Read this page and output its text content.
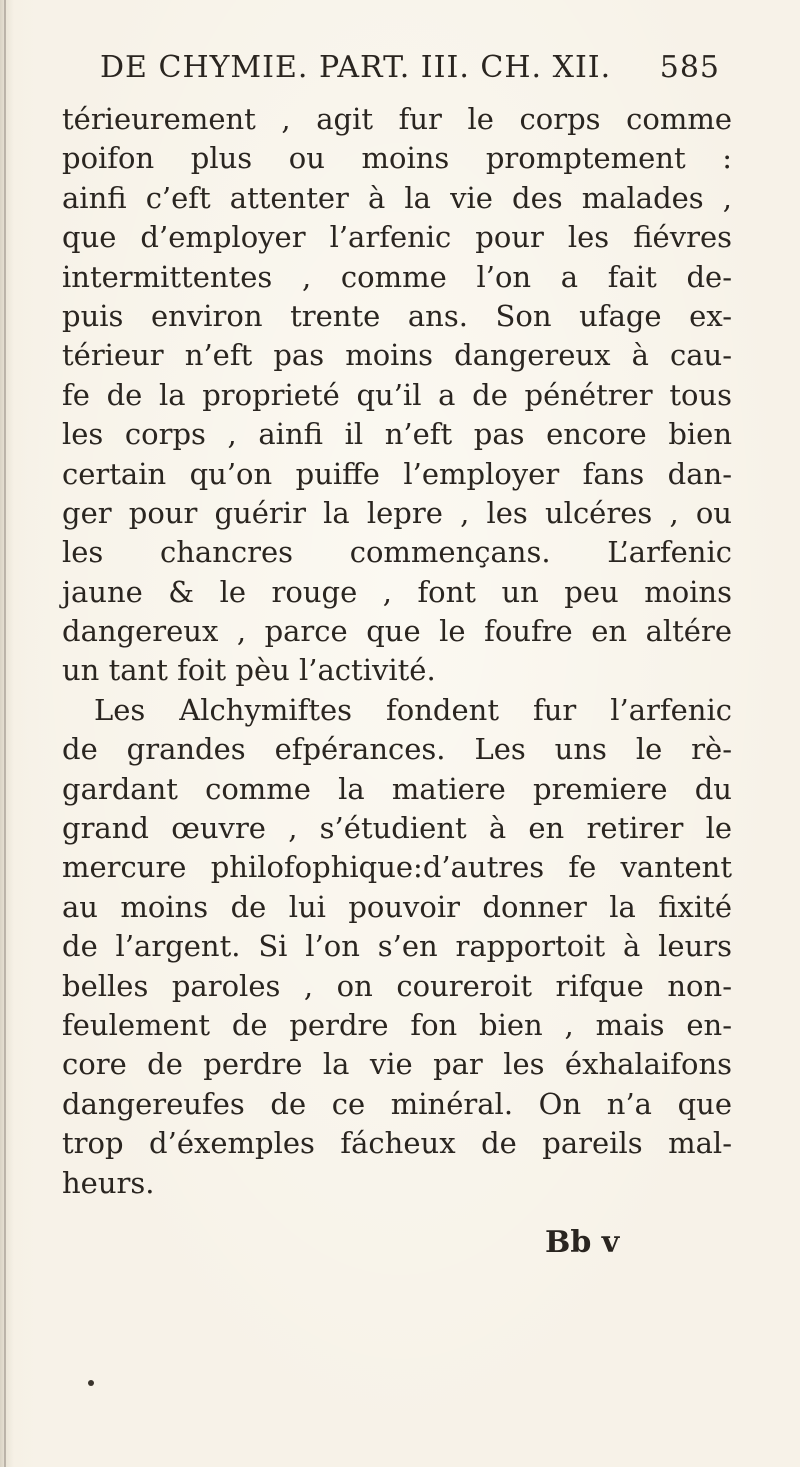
DE CHYMIE. PART. III. CH. XII. 585
térieurement , agit fur le corps comme
poifon plus ou moins promptement :
ainfi c’eft attenter à la vie des malades ,
que d’employer l’arfenic pour les fiévres
intermittentes , comme l’on a fait de-
puis environ trente ans. Son ufage ex-
térieur n’eft pas moins dangereux à cau-
fe de la proprieté qu’il a de pénétrer tous
les corps , ainfi il n’eft pas encore bien
certain qu’on puiffe l’employer fans dan-
ger pour guérir la lepre , les ulcéres , ou
les chancres commençans. L’arfenic
jaune & le rouge , font un peu moins
dangereux , parce que le foufre en altére
un tant foit pèu l’activité.
Les Alchymiftes fondent fur l’arfenic
de grandes efpérances. Les uns le rè-
gardant comme la matiere premiere du
grand œuvre , s’étudient à en retirer le
mercure philofophique:d’autres fe vantent
au moins de lui pouvoir donner la fixité
de l’argent. Si l’on s’en rapportoit à leurs
belles paroles , on coureroit rifque non-
feulement de perdre fon bien , mais en-
core de perdre la vie par les éxhalaifons
dangereufes de ce minéral. On n’a que
trop d’éxemples fácheux de pareils mal-
heurs.
Bb v
